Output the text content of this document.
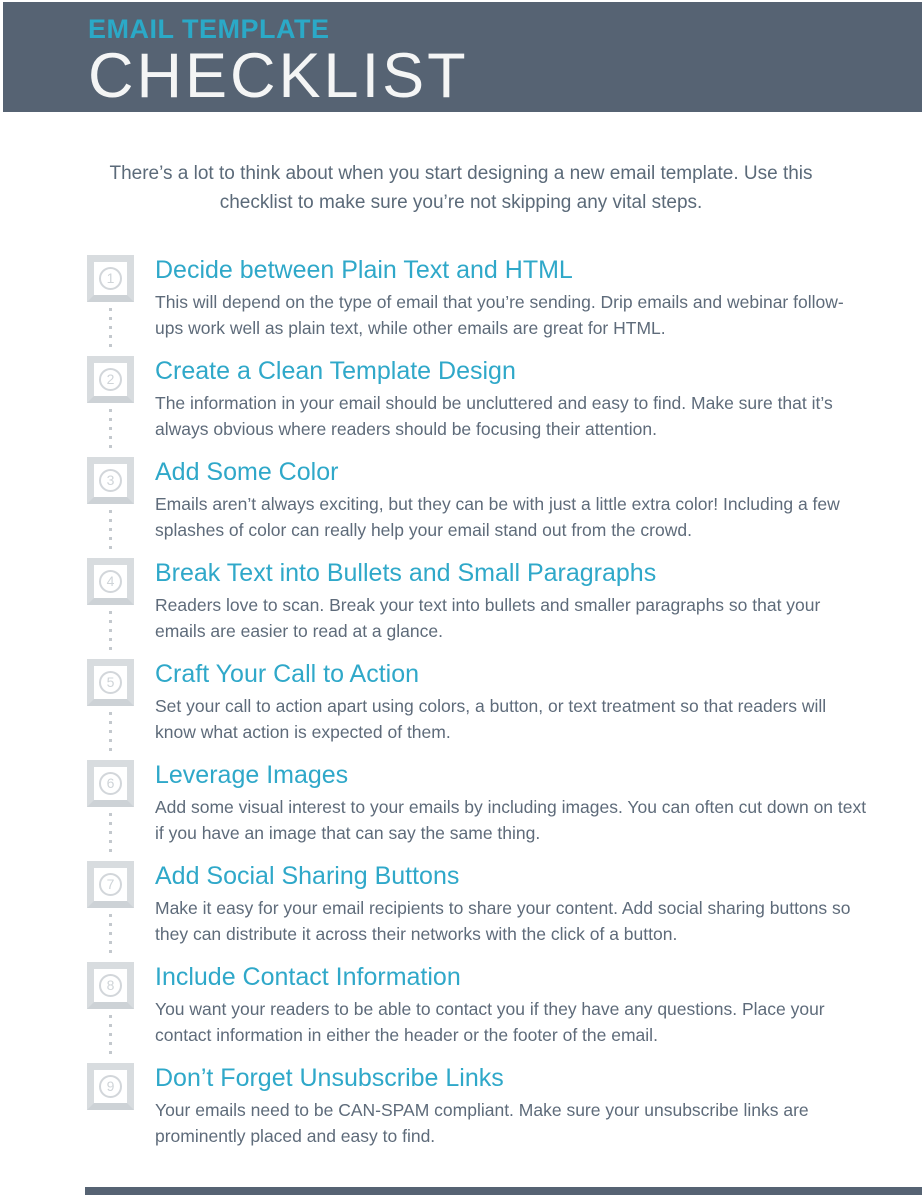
EMAIL TEMPLATE
CHECKLIST

There’s a lot to think about when you start designing a new email template. Use this checklist to make sure you’re not skipping any vital steps.

1	Decide between Plain Text and HTML

This will depend on the type of email that you’re sending. Drip emails and webinar follow-ups work well as plain text, while other emails are great for HTML.

2	Create a Clean Template Design

The information in your email should be uncluttered and easy to find. Make sure that it’s always obvious where readers should be focusing their attention.

3	Add Some Color

Emails aren’t always exciting, but they can be with just a little extra color! Including a few splashes of color can really help your email stand out from the crowd.

4	Break Text into Bullets and Small Paragraphs

Readers love to scan. Break your text into bullets and smaller paragraphs so that your emails are easier to read at a glance.

5	Craft Your Call to Action

Set your call to action apart using colors, a button, or text treatment so that readers will know what action is expected of them.

6	Leverage Images

Add some visual interest to your emails by including images. You can often cut down on text if you have an image that can say the same thing.

7	Add Social Sharing Buttons

Make it easy for your email recipients to share your content. Add social sharing buttons so they can distribute it across their networks with the click of a button.

8	Include Contact Information

You want your readers to be able to contact you if they have any questions. Place your contact information in either the header or the footer of the email.

9	Don’t Forget Unsubscribe Links

Your emails need to be CAN-SPAM compliant. Make sure your unsubscribe links are prominently placed and easy to find.
